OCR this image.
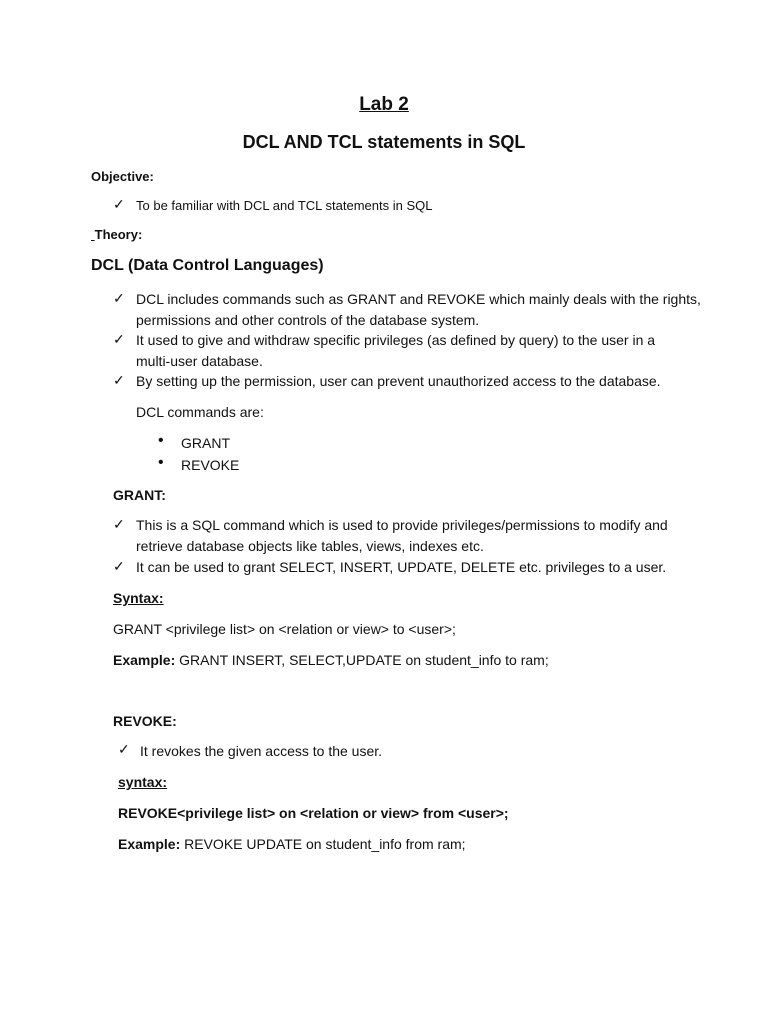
Lab 2
DCL AND TCL statements in SQL
Objective:
✓ To be familiar with DCL and TCL statements in SQL
Theory:
DCL (Data Control Languages)
✓ DCL includes commands such as GRANT and REVOKE which mainly deals with the rights,
permissions and other controls of the database system.
✓ It used to give and withdraw specific privileges (as defined by query) to the user in a
multi-user database.
✓ By setting up the permission, user can prevent unauthorized access to the database.
DCL commands are:
• GRANT
• REVOKE
GRANT:
✓ This is a SQL command which is used to provide privileges/permissions to modify and
retrieve database objects like tables, views, indexes etc.
✓ It can be used to grant SELECT, INSERT, UPDATE, DELETE etc. privileges to a user.
Syntax:
GRANT <privilege list> on <relation or view> to <user>;
Example: GRANT INSERT, SELECT,UPDATE on student_info to ram;
REVOKE:
✓ It revokes the given access to the user.
syntax:
REVOKE<privilege list> on <relation or view> from <user>;
Example: REVOKE UPDATE on student_info from ram;
